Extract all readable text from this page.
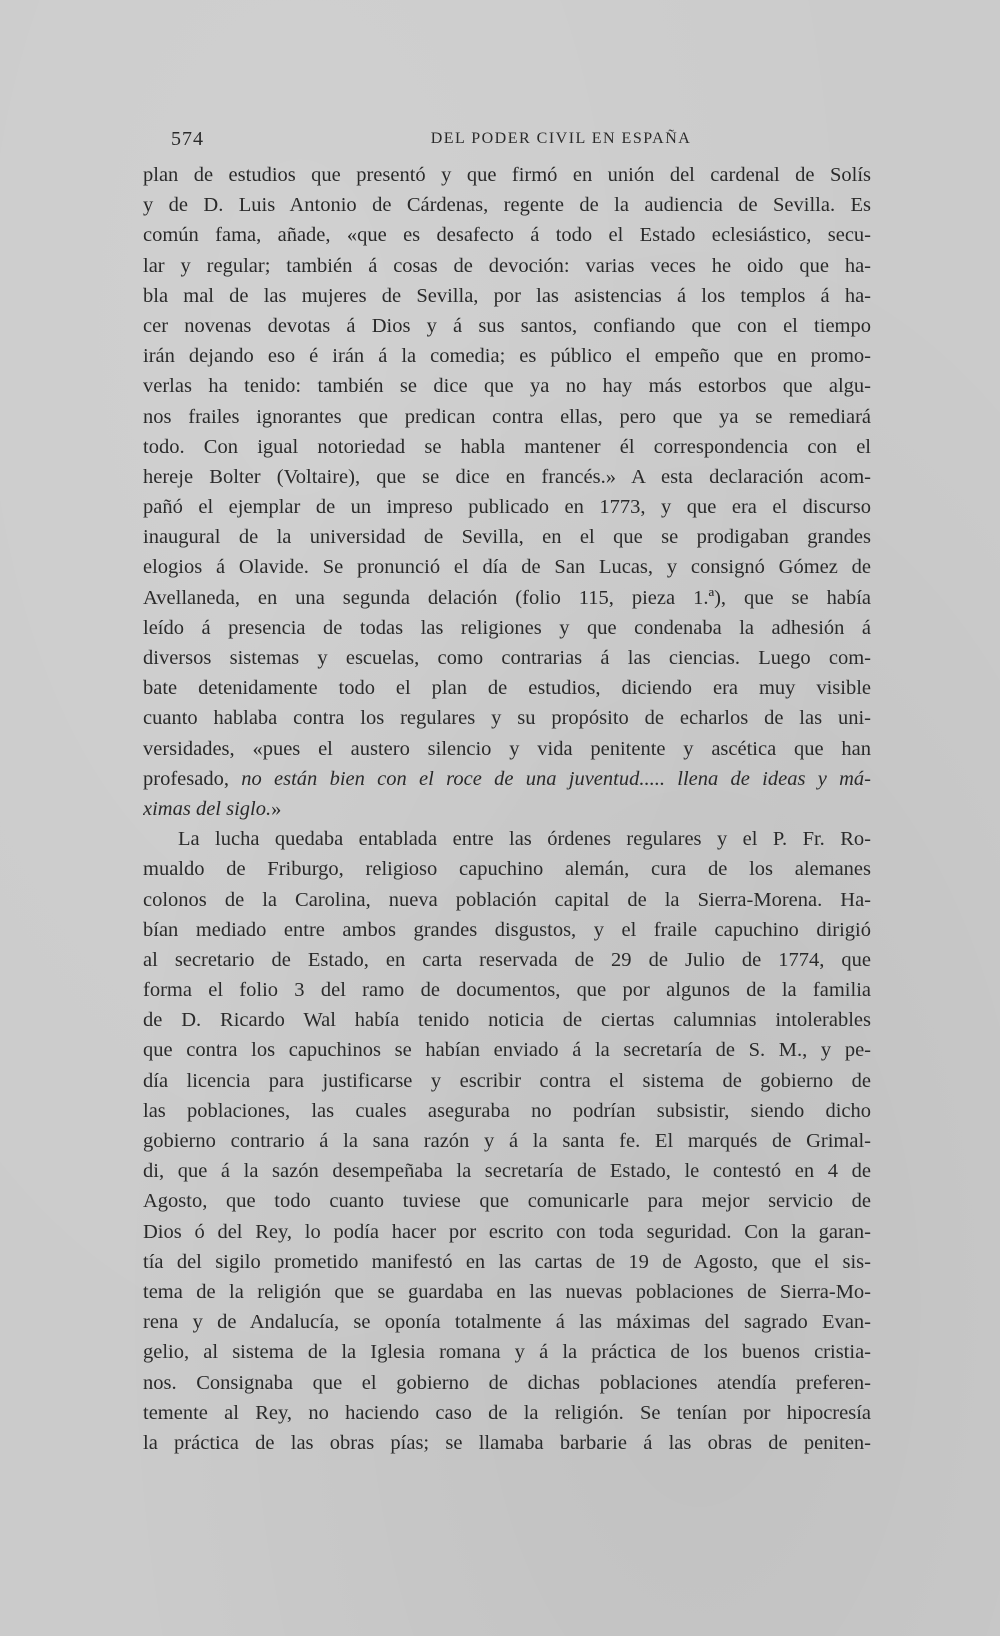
574	DEL PODER CIVIL EN ESPAÑA
plan de estudios que presentó y que firmó en unión del cardenal de Solís
y de D. Luis Antonio de Cárdenas, regente de la audiencia de Sevilla. Es
común fama, añade, «que es desafecto á todo el Estado eclesiástico, secu-
lar y regular; también á cosas de devoción: varias veces he oido que ha-
bla mal de las mujeres de Sevilla, por las asistencias á los templos á ha-
cer novenas devotas á Dios y á sus santos, confiando que con el tiempo
irán dejando eso é irán á la comedia; es público el empeño que en promo-
verlas ha tenido: también se dice que ya no hay más estorbos que algu-
nos frailes ignorantes que predican contra ellas, pero que ya se remediará
todo. Con igual notoriedad se habla mantener él correspondencia con el
hereje Bolter (Voltaire), que se dice en francés.» A esta declaración acom-
pañó el ejemplar de un impreso publicado en 1773, y que era el discurso
inaugural de la universidad de Sevilla, en el que se prodigaban grandes
elogios á Olavide. Se pronunció el día de San Lucas, y consignó Gómez de
Avellaneda, en una segunda delación (folio 115, pieza 1.ª), que se había
leído á presencia de todas las religiones y que condenaba la adhesión á
diversos sistemas y escuelas, como contrarias á las ciencias. Luego com-
bate detenidamente todo el plan de estudios, diciendo era muy visible
cuanto hablaba contra los regulares y su propósito de echarlos de las uni-
versidades, «pues el austero silencio y vida penitente y ascética que han
profesado, no están bien con el roce de una juventud..... llena de ideas y má-
ximas del siglo.»
La lucha quedaba entablada entre las órdenes regulares y el P. Fr. Ro-
mualdo de Friburgo, religioso capuchino alemán, cura de los alemanes
colonos de la Carolina, nueva población capital de la Sierra-Morena. Ha-
bían mediado entre ambos grandes disgustos, y el fraile capuchino dirigió
al secretario de Estado, en carta reservada de 29 de Julio de 1774, que
forma el folio 3 del ramo de documentos, que por algunos de la familia
de D. Ricardo Wal había tenido noticia de ciertas calumnias intolerables
que contra los capuchinos se habían enviado á la secretaría de S. M., y pe-
día licencia para justificarse y escribir contra el sistema de gobierno de
las poblaciones, las cuales aseguraba no podrían subsistir, siendo dicho
gobierno contrario á la sana razón y á la santa fe. El marqués de Grimal-
di, que á la sazón desempeñaba la secretaría de Estado, le contestó en 4 de
Agosto, que todo cuanto tuviese que comunicarle para mejor servicio de
Dios ó del Rey, lo podía hacer por escrito con toda seguridad. Con la garan-
tía del sigilo prometido manifestó en las cartas de 19 de Agosto, que el sis-
tema de la religión que se guardaba en las nuevas poblaciones de Sierra-Mo-
rena y de Andalucía, se oponía totalmente á las máximas del sagrado Evan-
gelio, al sistema de la Iglesia romana y á la práctica de los buenos cristia-
nos. Consignaba que el gobierno de dichas poblaciones atendía preferen-
temente al Rey, no haciendo caso de la religión. Se tenían por hipocresía
la práctica de las obras pías; se llamaba barbarie á las obras de peniten-
